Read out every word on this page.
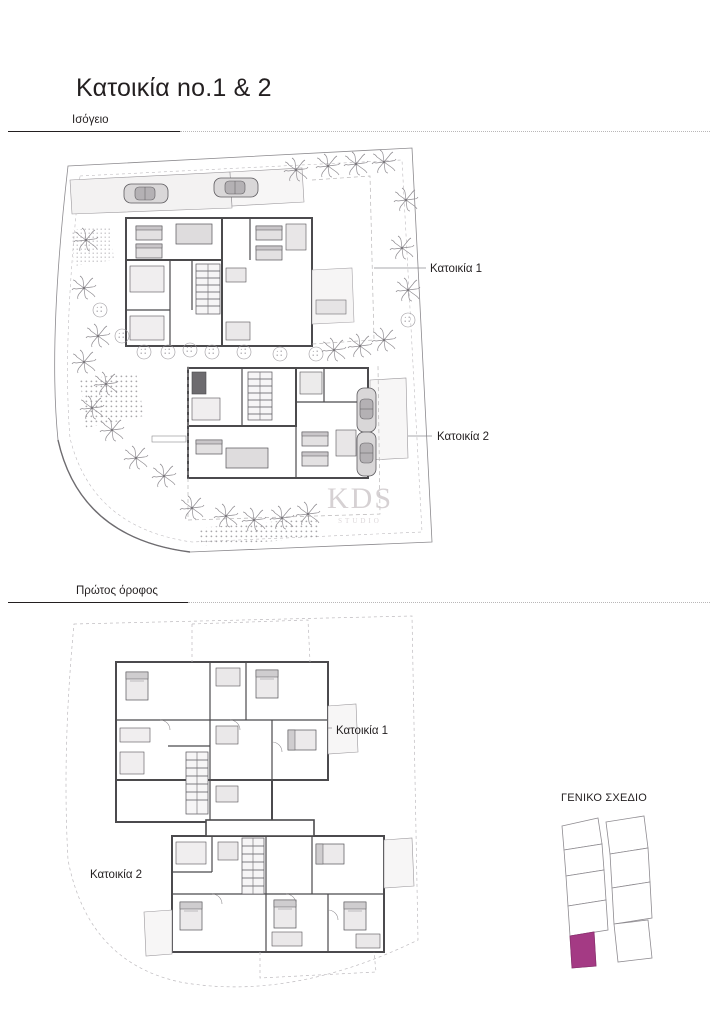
Κατοικία no.1 & 2
Ισόγειο
Πρώτος όροφος
Κατοικία 1
Κατοικία 2
KDS
STUDIO
Κατοικία 1
Κατοικία 2
ΓΕΝΙΚΟ ΣΧΕΔΙΟ
